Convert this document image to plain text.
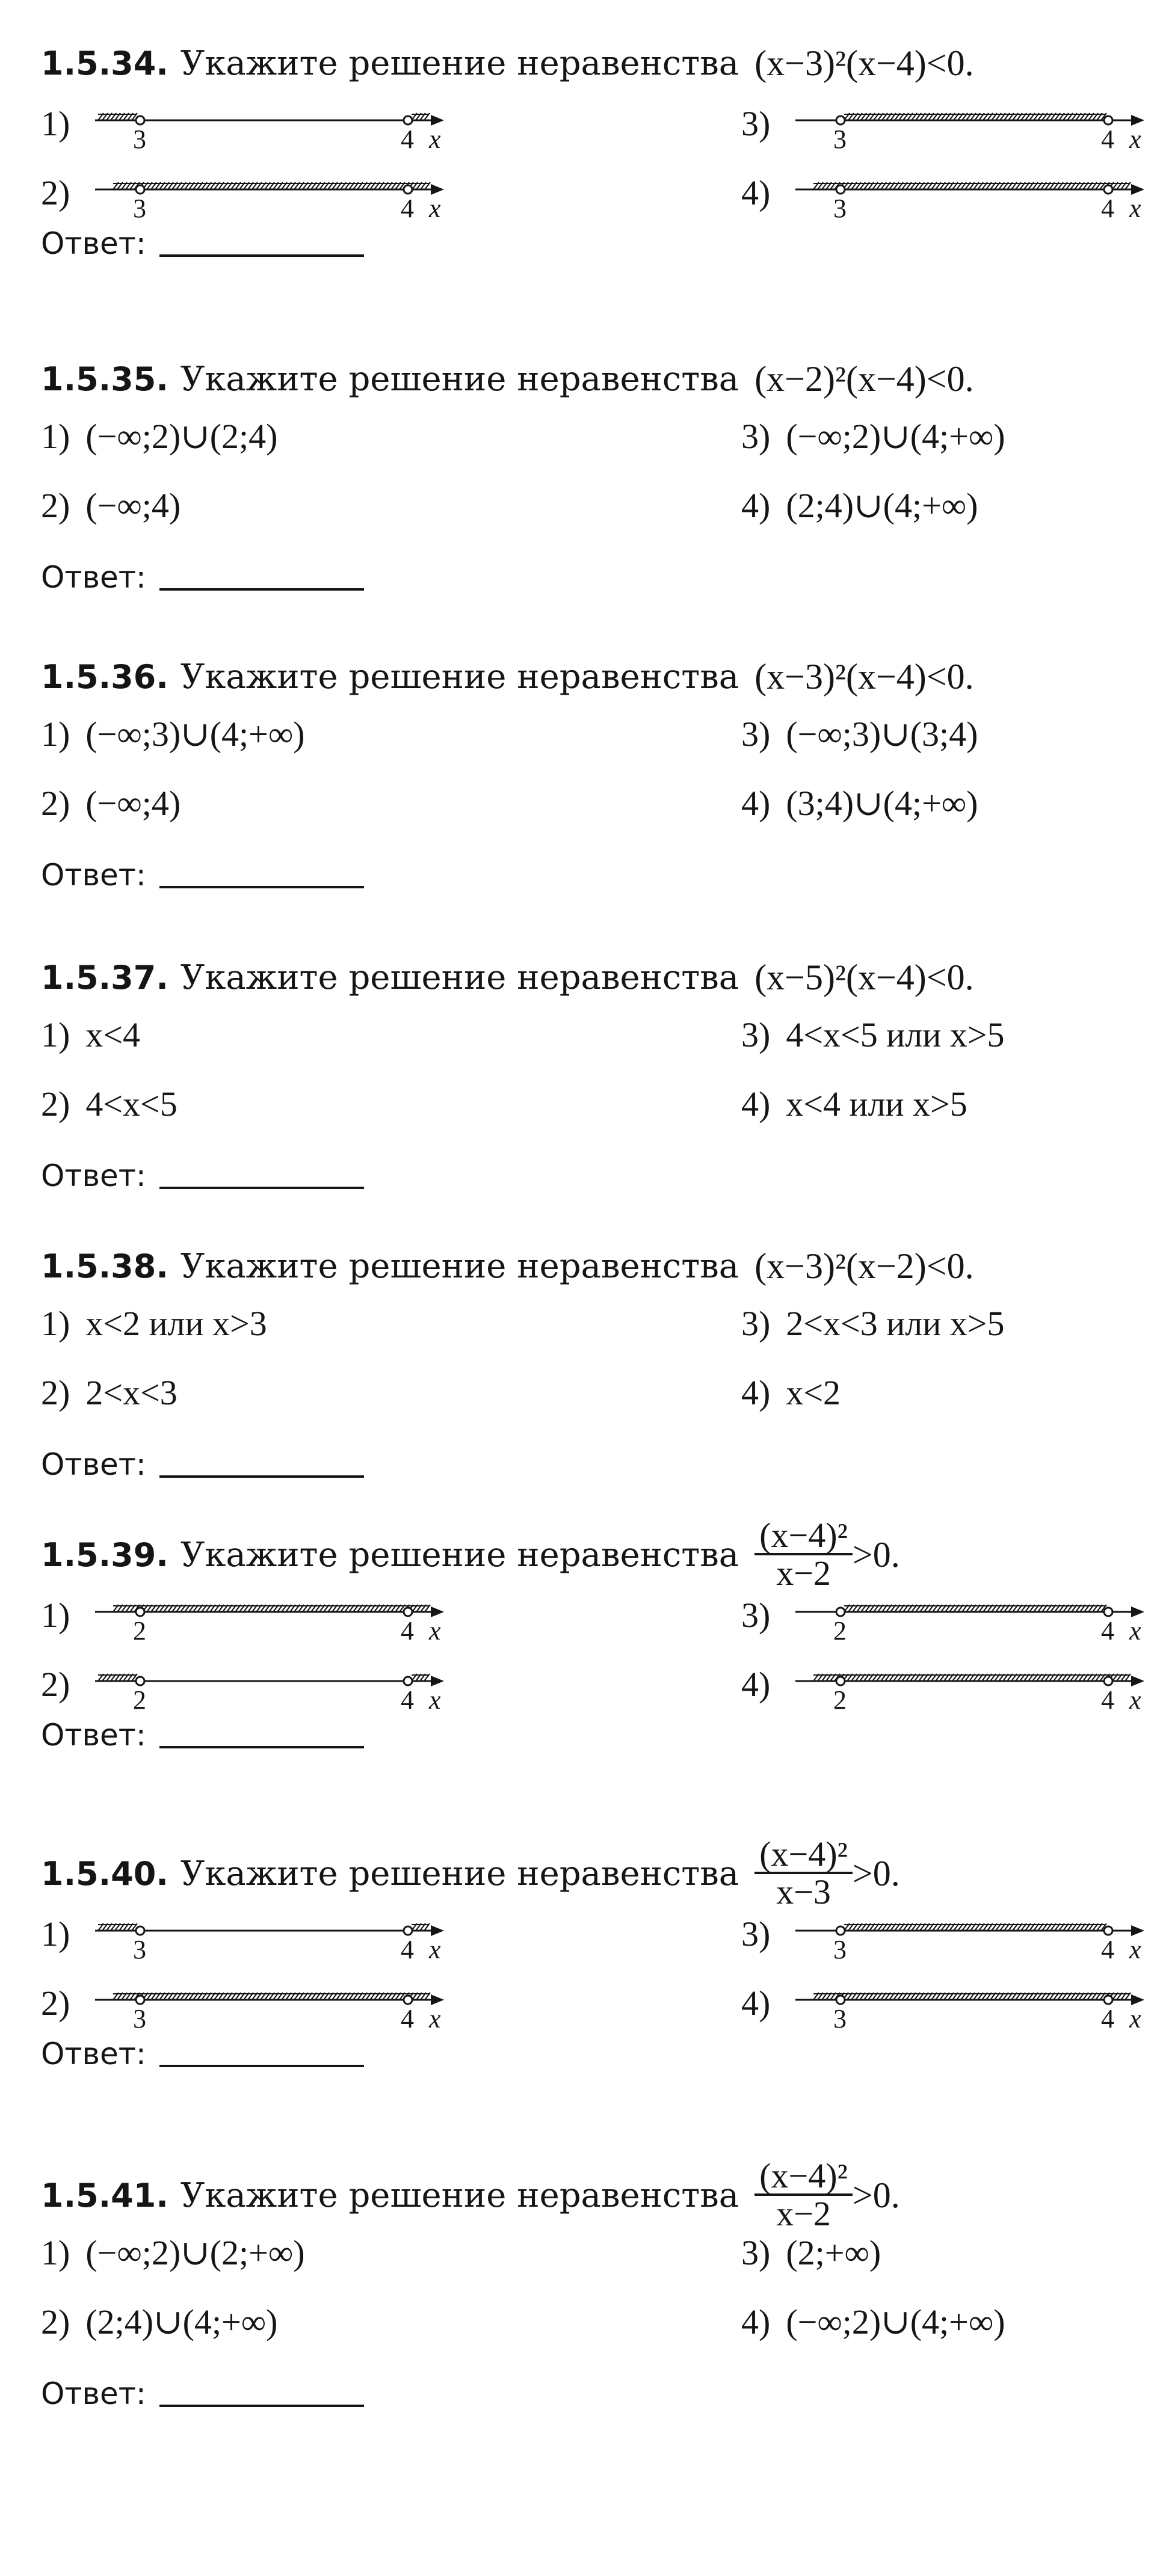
1.5.34. Укажите решение неравенства (x−3)²(x−4)<0.
1)	3	4 x
2)	3	4 x
3)	3	4 x
4)	3	4 x
Ответ:
1.5.35. Укажите решение неравенства (x−2)²(x−4)<0.
1) (−∞;2)∪(2;4)
2) (−∞;4)
3) (−∞;2)∪(4;+∞)
4) (2;4)∪(4;+∞)
Ответ:
1.5.36. Укажите решение неравенства (x−3)²(x−4)<0.
1) (−∞;3)∪(4;+∞)
2) (−∞;4)
3) (−∞;3)∪(3;4)
4) (3;4)∪(4;+∞)
Ответ:
1.5.37. Укажите решение неравенства (x−5)²(x−4)<0.
1) x<4
2) 4<x<5
3) 4<x<5 или x>5
4) x<4 или x>5
Ответ:
1.5.38. Укажите решение неравенства (x−3)²(x−2)<0.
1) x<2 или x>3
2) 2<x<3
3) 2<x<3 или x>5
4) x<2
Ответ:
1.5.39. Укажите решение неравенства $\frac{\text{(x−4)²}}{x-2} >0$.
1)	2	4 x
2)	2	4 x
3)	2	4 x
4)	2	4 x
Ответ:
1.5.40. Укажите решение неравенства $\frac{\text{(x−4)²}}{x-3} >0$.
1)	3	4 x
2)	3	4 x
3)	3	4 x
4)	3	4 x
Ответ:
1.5.41. Укажите решение неравенства $\frac{\text{(x−4)²}}{x-2} >0$.
1) (−∞;2)∪(2;+∞)
2) (2;4)∪(4;+∞)
3) (2;+∞)
4) (−∞;2)∪(4;+∞)
Ответ:
